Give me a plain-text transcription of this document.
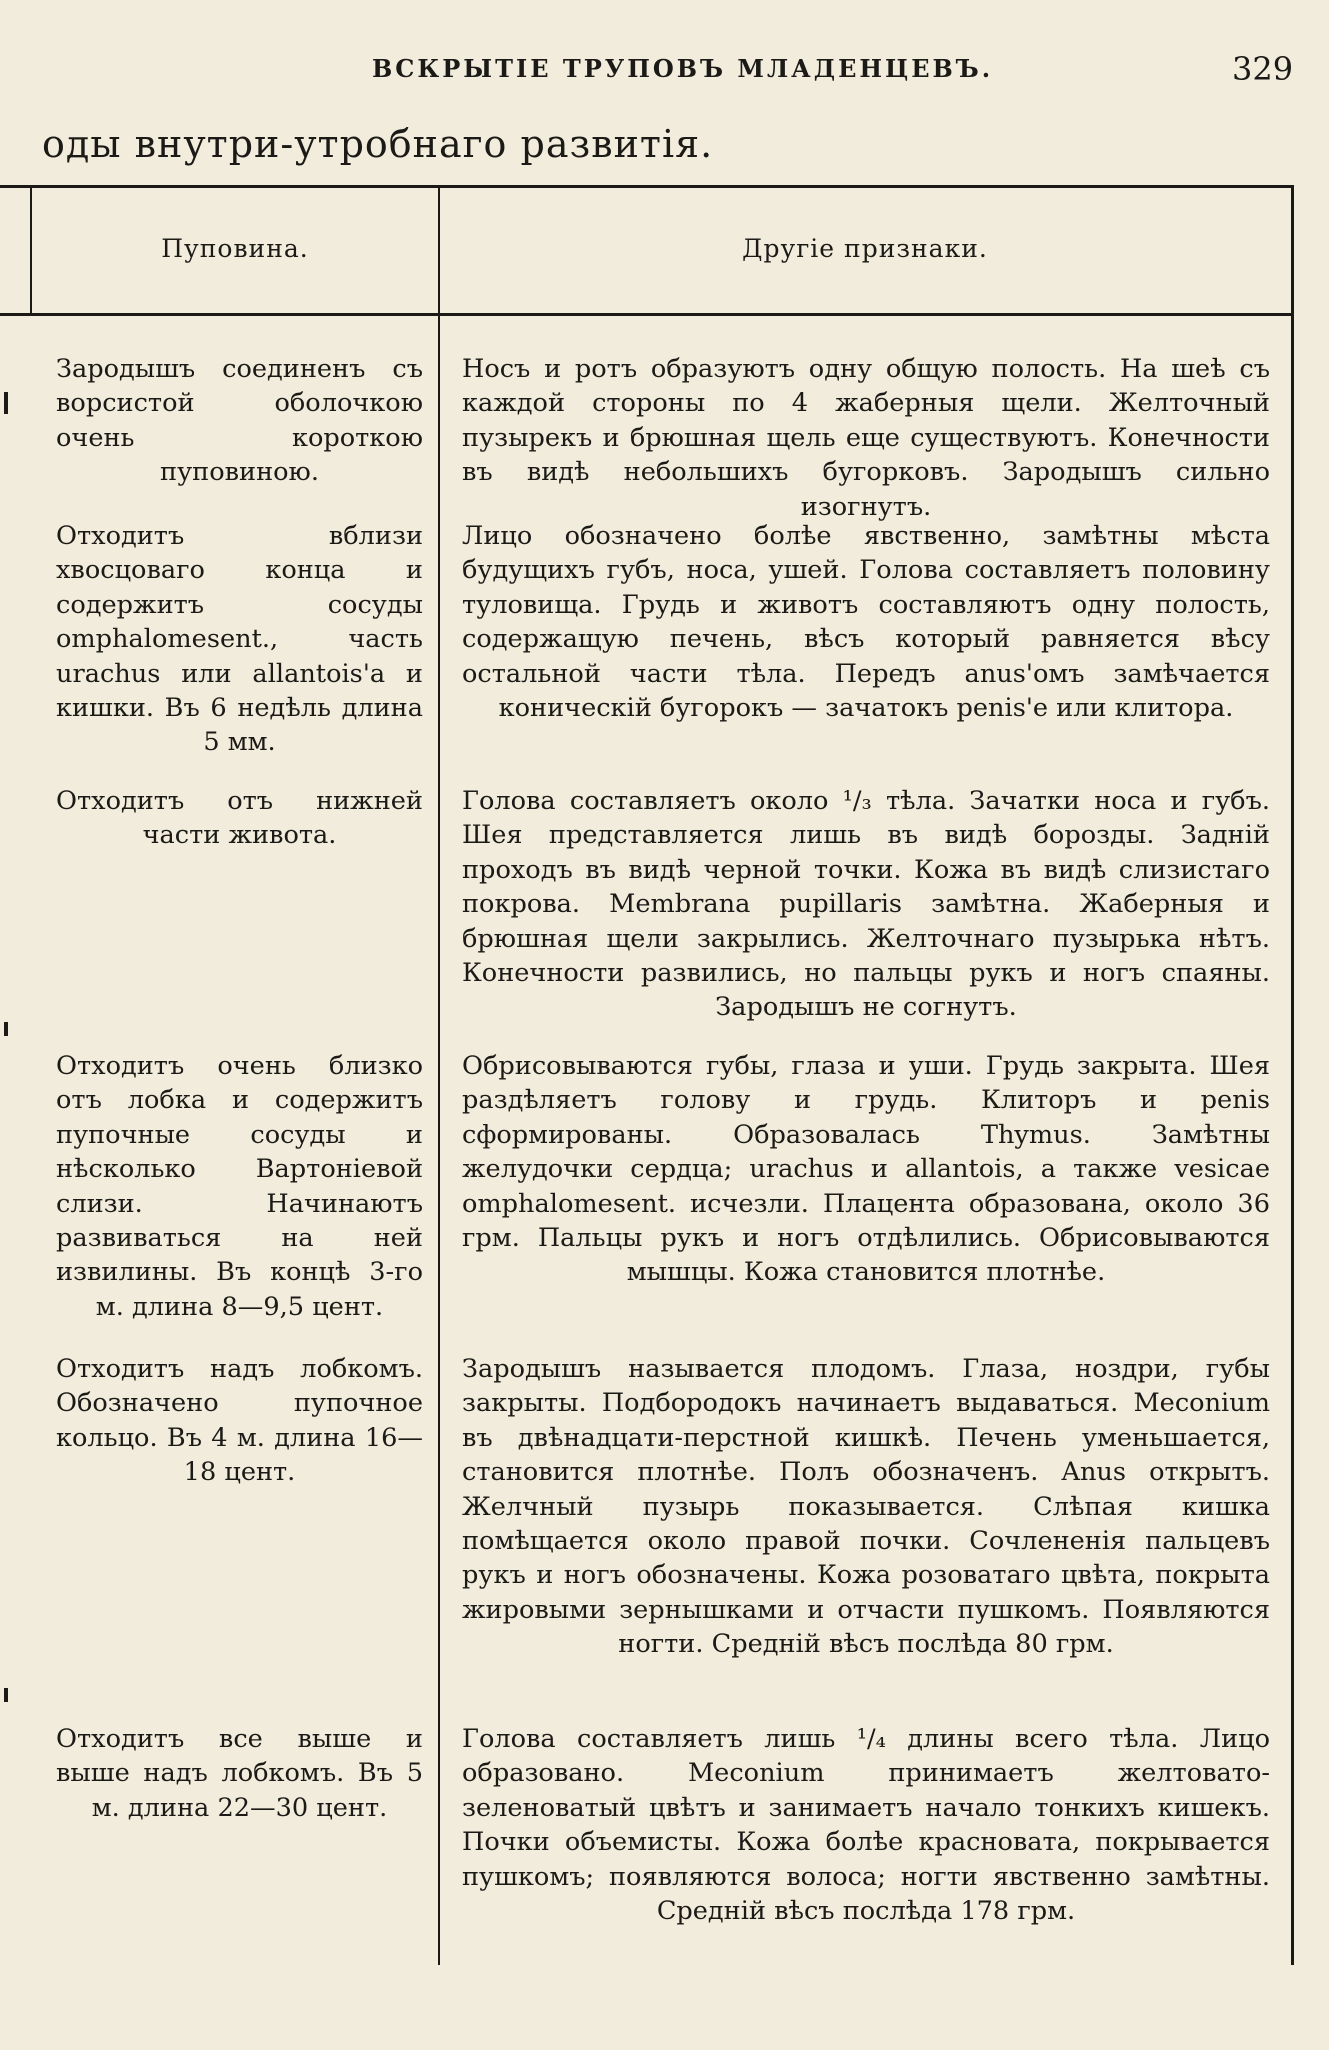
ВСКРЫТІЕ ТРУПОВЪ МЛАДЕНЦЕВЪ.	329
оды внутри-утробнаго развитія.
Пуповина.	Другіе признаки.
Зародышъ соединенъ съ ворсистой оболочкою очень короткою пуповиною.
Отходитъ вблизи хвосцоваго конца и содержитъ сосуды omphalomesent., часть urachus или allantois'а и кишки. Въ 6 недѣль длина 5 мм.
Отходитъ отъ нижней части живота.
Отходитъ очень близко отъ лобка и содержитъ пупочные сосуды и нѣсколько Вартоніевой слизи. Начинаютъ развиваться на ней извилины. Въ концѣ 3-го м. длина 8—9,5 цент.
Отходитъ надъ лобкомъ. Обозначено пупочное кольцо. Въ 4 м. длина 16—18 цент.
Отходитъ все выше и выше надъ лобкомъ. Въ 5 м. длина 22—30 цент.
Носъ и ротъ образуютъ одну общую полость. На шеѣ съ каждой стороны по 4 жаберныя щели. Желточный пузырекъ и брюшная щель еще существуютъ. Конечности въ видѣ небольшихъ бугорковъ. Зародышъ сильно изогнутъ.
Лицо обозначено болѣе явственно, замѣтны мѣста будущихъ губъ, носа, ушей. Голова составляетъ половину туловища. Грудь и животъ составляютъ одну полость, содержащую печень, вѣсъ который равняется вѣсу остальной части тѣла. Передъ anus'омъ замѣчается коническій бугорокъ — зачатокъ penis'е или клитора.
Голова составляетъ около ¹/₃ тѣла. Зачатки носа и губъ. Шея представляется лишь въ видѣ борозды. Задній проходъ въ видѣ черной точки. Кожа въ видѣ слизистаго покрова. Membrana pupillaris замѣтна. Жаберныя и брюшная щели закрылись. Желточнаго пузырька нѣтъ. Конечности развились, но пальцы рукъ и ногъ спаяны. Зародышъ не согнутъ.
Обрисовываются губы, глаза и уши. Грудь закрыта. Шея раздѣляетъ голову и грудь. Клиторъ и penis сформированы. Образовалась Thymus. Замѣтны желудочки сердца; urachus и allantois, а также vesicae omphalomesent. исчезли. Плацента образована, около 36 грм. Пальцы рукъ и ногъ отдѣлились. Обрисовываются мышцы. Кожа становится плотнѣе.
Зародышъ называется плодомъ. Глаза, ноздри, губы закрыты. Подбородокъ начинаетъ выдаваться. Meconium въ двѣнадцати-перстной кишкѣ. Печень уменьшается, становится плотнѣе. Полъ обозначенъ. Anus открытъ. Желчный пузырь показывается. Слѣпая кишка помѣщается около правой почки. Сочлененія пальцевъ рукъ и ногъ обозначены. Кожа розоватаго цвѣта, покрыта жировыми зернышками и отчасти пушкомъ. Появляются ногти. Средній вѣсъ послѣда 80 грм.
Голова составляетъ лишь ¹/₄ длины всего тѣла. Лицо образовано. Meconium принимаетъ желтовато-зеленоватый цвѣтъ и занимаетъ начало тонкихъ кишекъ. Почки объемисты. Кожа болѣе красновата, покрывается пушкомъ; появляются волоса; ногти явственно замѣтны. Средній вѣсъ послѣда 178 грм.
